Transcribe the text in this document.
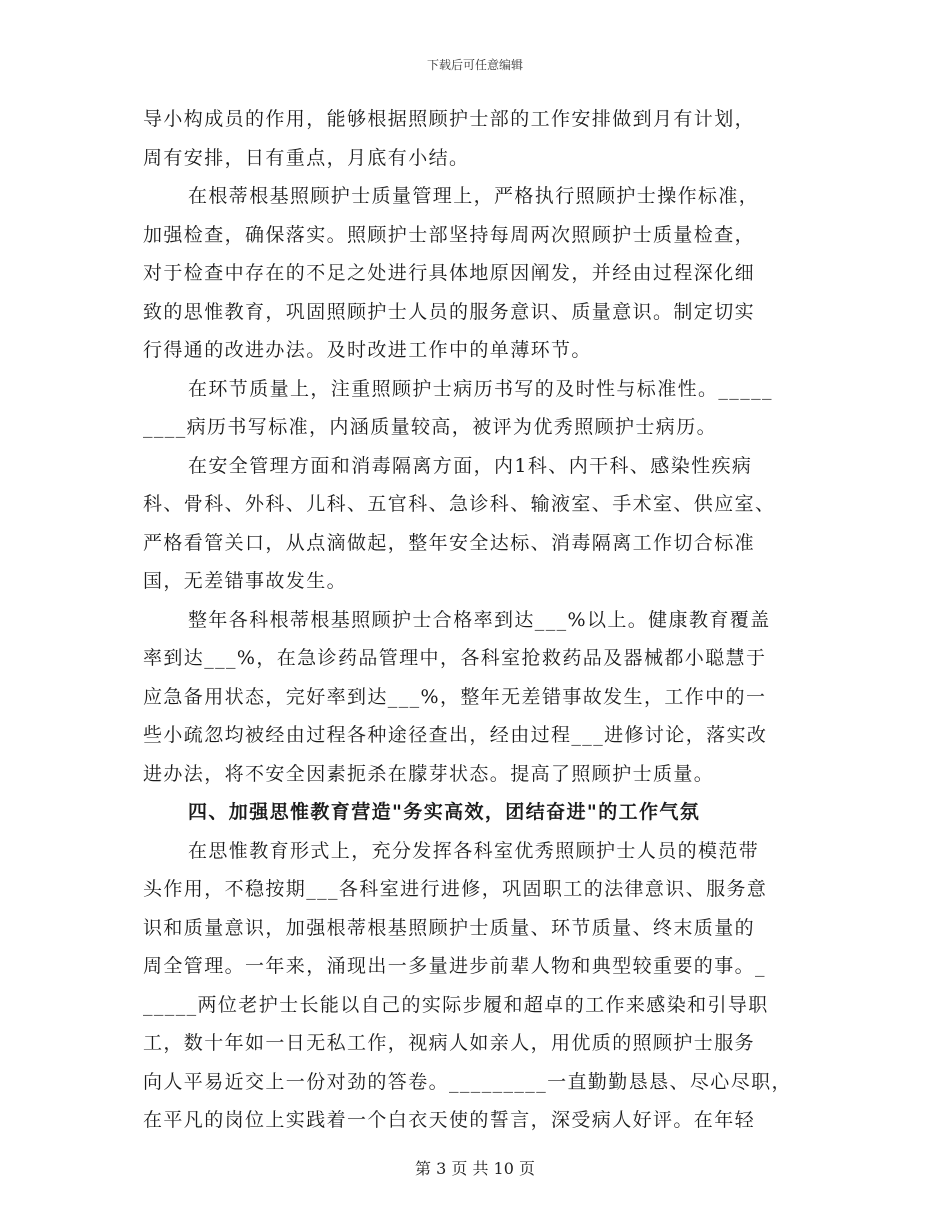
下载后可任意编辑
导小构成员的作用，能够根据照顾护士部的工作安排做到月有计划，
周有安排，日有重点，月底有小结。
在根蒂根基照顾护士质量管理上，严格执行照顾护士操作标准，
加强检查，确保落实。照顾护士部坚持每周两次照顾护士质量检查，
对于检查中存在的不足之处进行具体地原因阐发，并经由过程深化细
致的思惟教育，巩固照顾护士人员的服务意识、质量意识。制定切实
行得通的改进办法。及时改进工作中的单薄环节。
在环节质量上，注重照顾护士病历书写的及时性与标准性。_____
____病历书写标准，内涵质量较高，被评为优秀照顾护士病历。
在安全管理方面和消毒隔离方面，内1科、内干科、感染性疾病
科、骨科、外科、儿科、五官科、急诊科、输液室、手术室、供应室、
严格看管关口，从点滴做起，整年安全达标、消毒隔离工作切合标准
国，无差错事故发生。
整年各科根蒂根基照顾护士合格率到达___%以上。健康教育覆盖
率到达___%，在急诊药品管理中，各科室抢救药品及器械都小聪慧于
应急备用状态，完好率到达___%，整年无差错事故发生，工作中的一
些小疏忽均被经由过程各种途径查出，经由过程___进修讨论，落实改
进办法，将不安全因素扼杀在朦芽状态。提高了照顾护士质量。
四、加强思惟教育营造"务实高效，团结奋进"的工作气氛
在思惟教育形式上，充分发挥各科室优秀照顾护士人员的模范带
头作用，不稳按期___各科室进行进修，巩固职工的法律意识、服务意
识和质量意识，加强根蒂根基照顾护士质量、环节质量、终末质量的
周全管理。一年来，涌现出一多量进步前辈人物和典型较重要的事。_
_____两位老护士长能以自己的实际步履和超卓的工作来感染和引导职
工，数十年如一日无私工作，视病人如亲人，用优质的照顾护士服务
向人平易近交上一份对劲的答卷。_________一直勤勤恳恳、尽心尽职，
在平凡的岗位上实践着一个白衣天使的誓言，深受病人好评。在年轻
第 3 页 共 10 页
